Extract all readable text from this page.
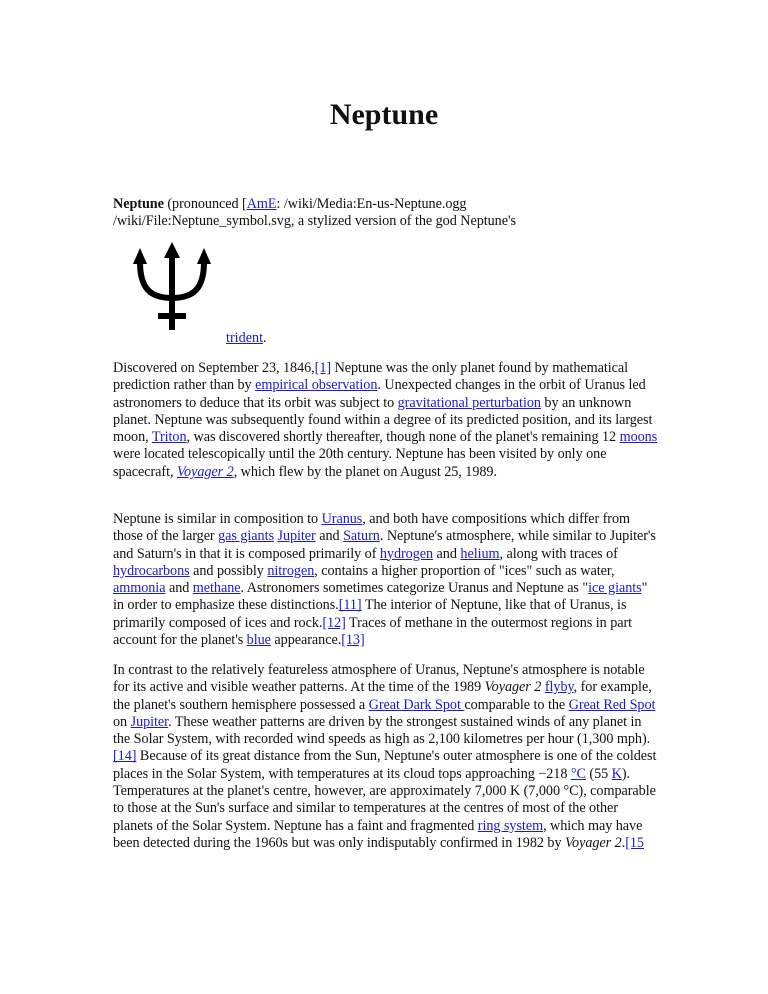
Neptune

Neptune (pronounced [AmE: /wiki/Media:En-us-Neptune.ogg
/wiki/File:Neptune_symbol.svg, a stylized version of the god Neptune's

trident.

Discovered on September 23, 1846,[1] Neptune was the only planet found by mathematical prediction rather than by empirical observation. Unexpected changes in the orbit of Uranus led astronomers to deduce that its orbit was subject to gravitational perturbation by an unknown planet. Neptune was subsequently found within a degree of its predicted position, and its largest moon, Triton, was discovered shortly thereafter, though none of the planet's remaining 12 moons were located telescopically until the 20th century. Neptune has been visited by only one spacecraft, Voyager 2, which flew by the planet on August 25, 1989.

Neptune is similar in composition to Uranus, and both have compositions which differ from those of the larger gas giants Jupiter and Saturn. Neptune's atmosphere, while similar to Jupiter's and Saturn's in that it is composed primarily of hydrogen and helium, along with traces of hydrocarbons and possibly nitrogen, contains a higher proportion of "ices" such as water, ammonia and methane. Astronomers sometimes categorize Uranus and Neptune as "ice giants" in order to emphasize these distinctions.[11] The interior of Neptune, like that of Uranus, is primarily composed of ices and rock.[12] Traces of methane in the outermost regions in part account for the planet's blue appearance.[13]

In contrast to the relatively featureless atmosphere of Uranus, Neptune's atmosphere is notable for its active and visible weather patterns. At the time of the 1989 Voyager 2 flyby, for example, the planet's southern hemisphere possessed a Great Dark Spot comparable to the Great Red Spot on Jupiter. These weather patterns are driven by the strongest sustained winds of any planet in the Solar System, with recorded wind speeds as high as 2,100 kilometres per hour (1,300 mph).[14] Because of its great distance from the Sun, Neptune's outer atmosphere is one of the coldest places in the Solar System, with temperatures at its cloud tops approaching −218 °C (55 K). Temperatures at the planet's centre, however, are approximately 7,000 K (7,000 °C), comparable to those at the Sun's surface and similar to temperatures at the centres of most of the other planets of the Solar System. Neptune has a faint and fragmented ring system, which may have been detected during the 1960s but was only indisputably confirmed in 1982 by Voyager 2.[15
